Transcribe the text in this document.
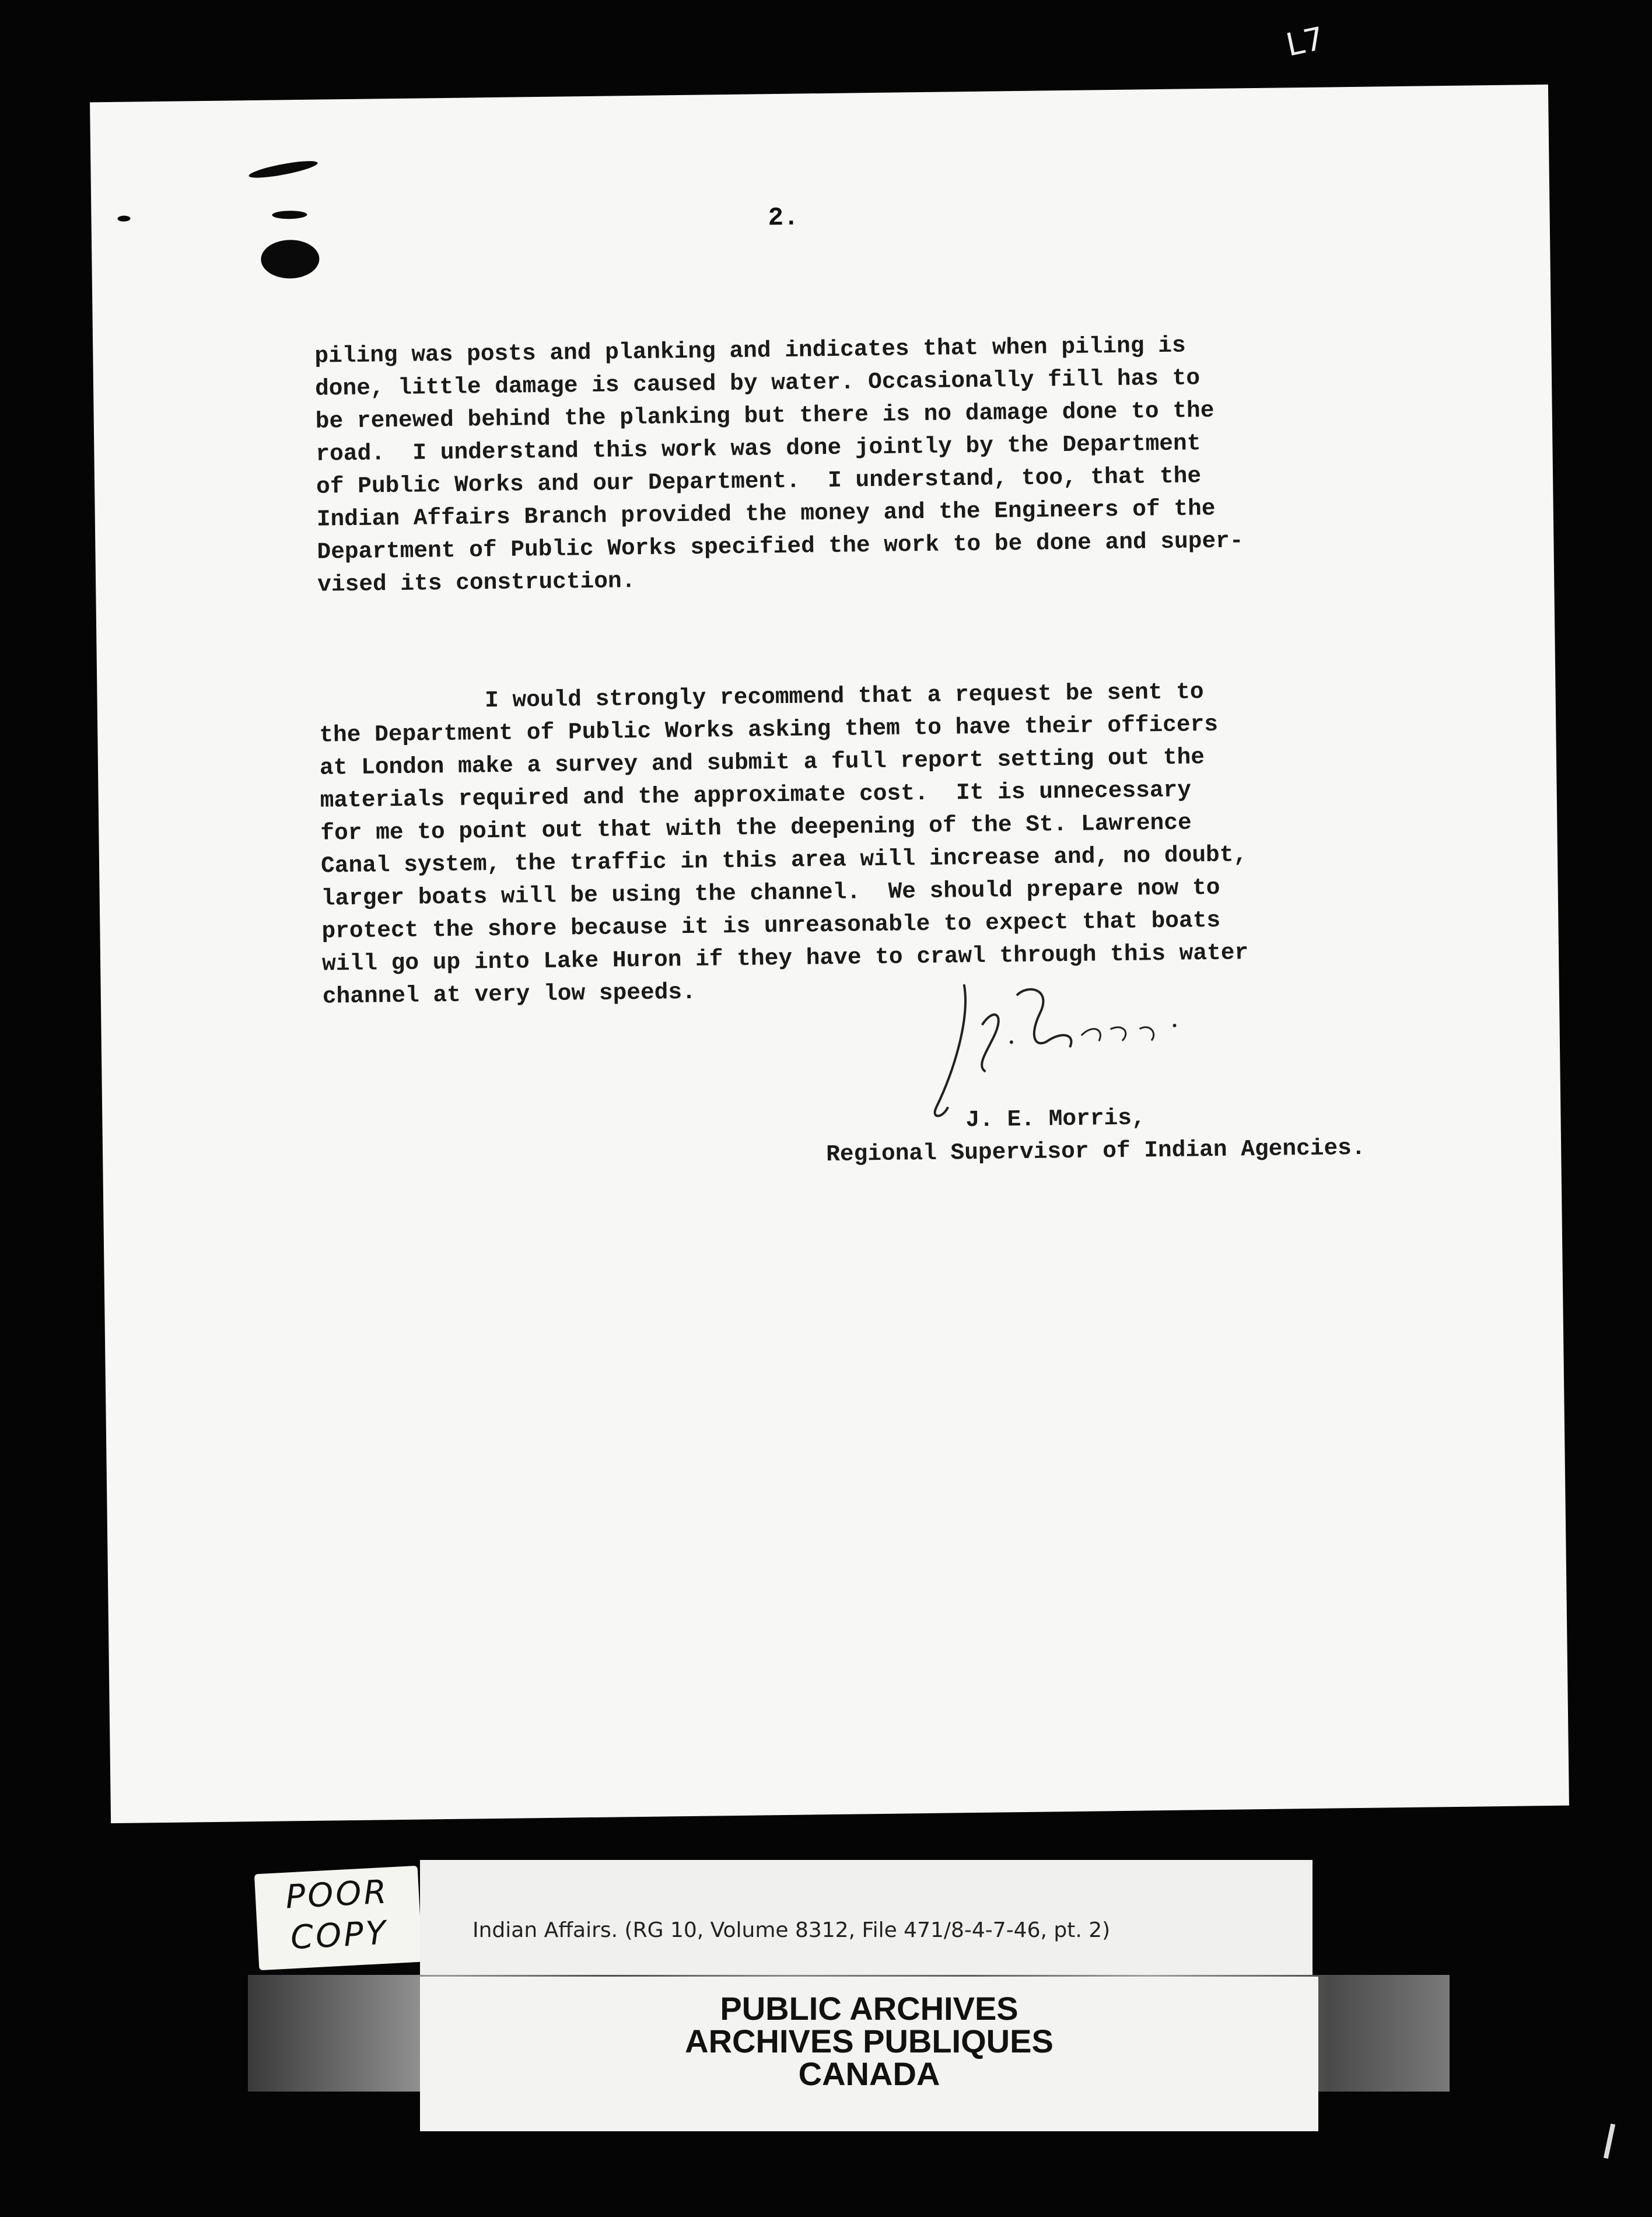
L7
2.

piling was posts and planking and indicates that when piling is
done, little damage is caused by water. Occasionally fill has to
be renewed behind the planking but there is no damage done to the
road.  I understand this work was done jointly by the Department
of Public Works and our Department.  I understand, too, that the
Indian Affairs Branch provided the money and the Engineers of the
Department of Public Works specified the work to be done and super-
vised its construction.

I would strongly recommend that a request be sent to
the Department of Public Works asking them to have their officers
at London make a survey and submit a full report setting out the
materials required and the approximate cost.  It is unnecessary
for me to point out that with the deepening of the St. Lawrence
Canal system, the traffic in this area will increase and, no doubt,
larger boats will be using the channel.  We should prepare now to
protect the shore because it is unreasonable to expect that boats
will go up into Lake Huron if they have to crawl through this water
channel at very low speeds.

J. E. Morris,
Regional Supervisor of Indian Agencies.
POOR
COPY	Indian Affairs. (RG 10, Volume 8312, File 471/8-4-7-46, pt. 2)
PUBLIC ARCHIVES
ARCHIVES PUBLIQUES
CANADA
